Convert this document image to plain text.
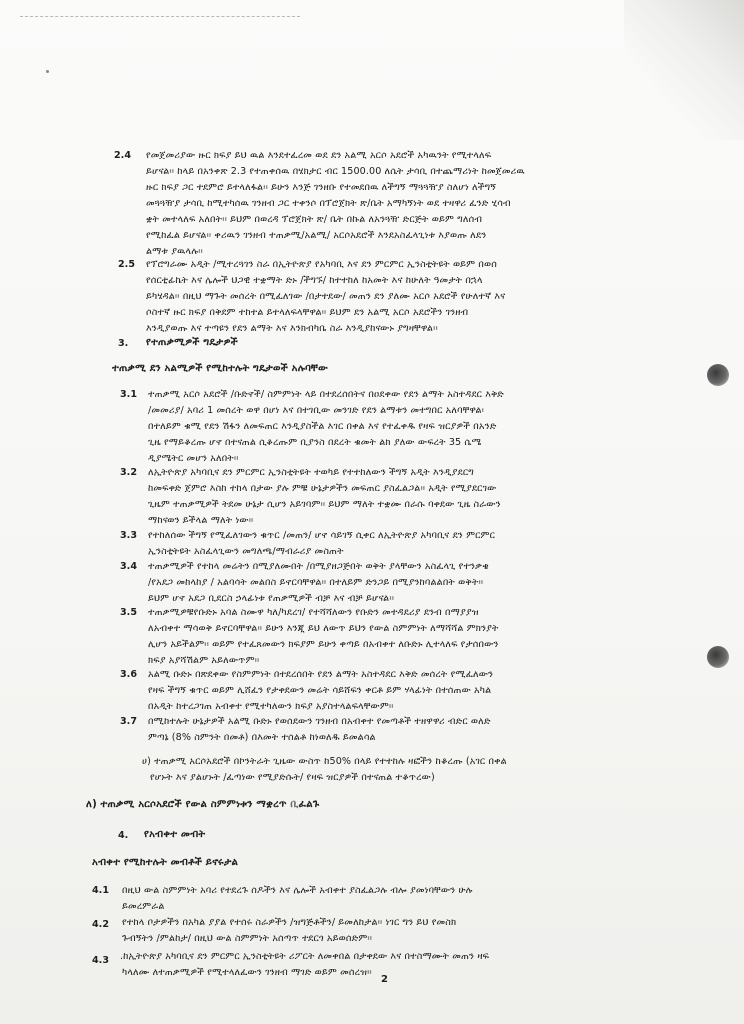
2.4 የመጀመሪያው ዙር ክፍያ ይህ ዉል እንደተፈረመ ወደ ደን አልሚ አርሶ አደሮች አካዉንት የሚተላለፍ
ይሆናል፡፡ ከላይ በአንቀጽ 2.3 የተጠቀሰዉ በሄክታር ብር 1500.00 ለሴት ታሳቢ በተጨማሪነት ከመጀመሪዉ
ዙር ክፍያ ጋር ተደምሮ ይተላለፋል፡፡ ይሁን እንጅ ገንዘቡ የተመደበዉ ለችግኝ ማጓጓዥያ ስለሆነ ለችግኝ
መጓጓዥያ ታሳቢ ከሚተካሰዉ ገንዘብ ጋር ተቀንሶ በፕሮጀክት ጽ/ቤት አማካኝነት ወደ ተዛዋሪ ፈንድ ሂሳብ
ቋት መተላለፍ አለበት፡፡ ይህም በወረዳ ፕሮጀክት ጽ/ ቤት በኩል ለአንጓዥ ድርጅት ወይም ግለሰብ
የሚከፈል ይሆናል፡፡ ቀሪዉን ገንዘብ ተጠቃሚ/አልሚ/ አርሶአደሮች እንደአስፈላጊነቱ እያወጡ ለደን
ልማቱ ያዉላሉ፡፡
2.5 የፕሮግራሙ አዲት /ሚተረጓገን ስራ በኢትዮጵያ የአካባቢ እና ደን ምርምር ኢንስቲትዩት ወይም በወሰ
የሰርቲፊኬት እና ሌሎች ህጋዊ ተቋማት ድኑ /ችግኙ/ ከተተከለ ከአመት እና ከሁለት ዓመታት በኋላ
ይካሄዳል፡፡ በዚህ ማጉት መሰረት በሚፈለገው /በታተደው/ መጠን ደን ያለሙ አርሶ አደሮች የሁለተኛ እና
ሶስተኛ ዙር ክፍያ በቅደም ተከተል ይተላለፍላቸዋል፡፡ ይህም ደን አልሚ አርሶ አደሮችን ገንዘብ
እንዲያወጡ እና ተጣዩን የደን ልማት እና እንክብካቤ ስራ እንዲያከናውኑ ያግዛቸዋል፡፡
3. የተጠቃሚዎች ግዴታዎች
ተጠቃሚ ደን አልሚዎች የሚከተሉት ግዴታወች አሉባቸው
3.1 ተጠቃሚ አርሶ አደሮች /ቡድኖች/ ስምምነት ላይ በተደረሰበትና በዐደቀው የደን ልማት አስተዳደር እቅድ
/መመሪያ/ አባሪ 1 መሰረት ወዋ በሆነ እና በተገቢው መንገድ የደን ልማቱን መተግበር አለባቸዋል፡
በተለይም ቁሚ የደን ሽፋን ለመፍጠር እንዲያስችል እገር በቀል እና የተፈቀዱ የዛፍ ዝርያዎች በአንድ
ጊዜ የማይቆረጡ ሆኖ በተናጠል ሲቆረጡም ቢያንስ በደረት ቁመት ልክ ያለው ውፍረት 35 ሴሜ
ዲያሜትር መሆን አለበት፡፡
3.2 ለኢትዮጵያ አካባቢና ደን ምርምር ኢንስቲትዩት ተወካይ የተተከለውን ችግኝ አዲት እንዲያደርግ
ከመፍቀድ ጀምሮ እስከ ተከላ በታው ያሉ ምቹ ሁኔታዎችን መፍጠር ያስፈልጋል፡፡ አዲት የሚያደርገው
ጊዜም ተጠቃሚዎች ትደመ ሁኔታ ሲሆን አይገባም፡፡ ይህም ማለት ተቋሙ በራሱ ባቀደው ጊዜ ስራውን
ማከናወን ይችላል ማለት ነው፡፡
3.3 የተከለሰው ችግኝ የሚፈለገውን ቁጥር /መጠን/ ሆኖ ሳይገኝ ሲቀር ለኢትዮጵያ አካባቢና ደን ምርምር
ኢንስቲትዩት አስፈላጊውን መግለጫ/ማብራሪያ መስጠት
3.4 ተጠቃሚዎች የተከላ መሬትን በሚያለሙበት /በሚያዘጋጅበት ወቅት ያላቸውን አስፈላጊ የተንቃቄ
/የአደጋ መከላከያ / አልባሳት መልበስ ይኖርባቸዋል፡፡ በተለይም ድንጋይ በሚያንከባልልበት ወቅት፡፡
ይህም ሆኖ አደጋ ቢደርስ ኃላፊነቱ የጠቃሚዎች ብቻ እና ብቻ ይሆናል፡፡
3.5 ተጠቃሚዎቹየቡድኑ አባል ስሙዋ ካለ/ካደረገ/ የተሻሻለውን የቡድን መተዳደሪያ ደንብ በማያያዝ
ለአብቀተ ማሳወቅ ይኖርባቸዋል፡፡ ይሁን እንጂ ይህ ለውጥ ይህን የውል ስምምነት ለማሻሻል ምክንያት
ሊሆን አይችልም፡፡ ወይም የተፈጸመውን ክፍያም ይሁን ቀጣይ በአብቀተ ለቡድኑ ሊተላለፍ የታሰበውን
ክፍያ አያሻሽልም አይለውጥም፡፡
3.6 አልሚ ቡድኑ በጽደቀው የስምምነት በተደረሰበት የደን ልማት አስተዳደር እቅድ መሰረት የሚፈለውን
የዛፍ ችግኝ ቁጥር ወይም ሊሸፈን የታቀደውን መሬት ሳይሸፍን ቀርቶ ይም ሃላፊነት በተሰጠው አካል
በአዲት ከተረጋገጠ አብቀተ የሚተካለውን ክፍያ አያስተላልፍላቸውም፡፡
3.7 በሚከተሉት ሁኔታዎች አልሚ ቡድኑ የወሰደውን ገንዘብ በአብቀተ የመጣቶች ተዘዋዋሪ ብድር ወለድ
ምጣኔ (8% ስምንት በመቶ) በእመት ተሰልቶ ከነወለዱ ይመልሳል
ሀ) ተጠቃሚ አርሶአደሮች በኮንትራት ጊዜው ውስጥ ከ50% በላይ የተተከሉ ዛፎችን ከቆረጡ (አገር በቀል
የሆኑት እና ያልሆኑት /ፈጣነው የሚያድሱት/ የዛፍ ዝርያዎች በተናጠል ተቆጥረው)
ለ) ተጠቃሚ አርሶአደሮች የውል ስምምነቱን ማቋረጥ ቢፈልጉ
4. የአብቀተ መብት
አብቀተ የሚከተሉት መብቶች ይኖሩታል
4.1 በዚህ ውል ስምምነት አባሪ የተደረጉ ሰዶችን እና ሌሎች አብቀተ ያስፈልጋሉ ብሎ ያመነባቸውን ሁሉ
ይመረምራል
4.2 የተከላ ቦታዎችን በአካል ያያል የተሰሩ ስራዎችን /ዝግጅቶችን/ ይመለከታል፡፡ ነገር ግን ይህ የመስክ
ጉብኝትን /ምልከታ/ በዚህ ውል ስምምነት አሰጣጥ ተደርጎ አይወሰድም፡፡
4.3 .ከኢትዮጵያ አካባቢና ደን ምርምር ኢንስቲትዩት ሪፖርት ለመቀበል በታቀደው እና በተስማሙት መጠን ዛፍ
ካላለሙ ለተጠቃሚዎች የሚተላለፈውን ገንዘብ ማገድ ወይም መሰረዝ፡፡
2
